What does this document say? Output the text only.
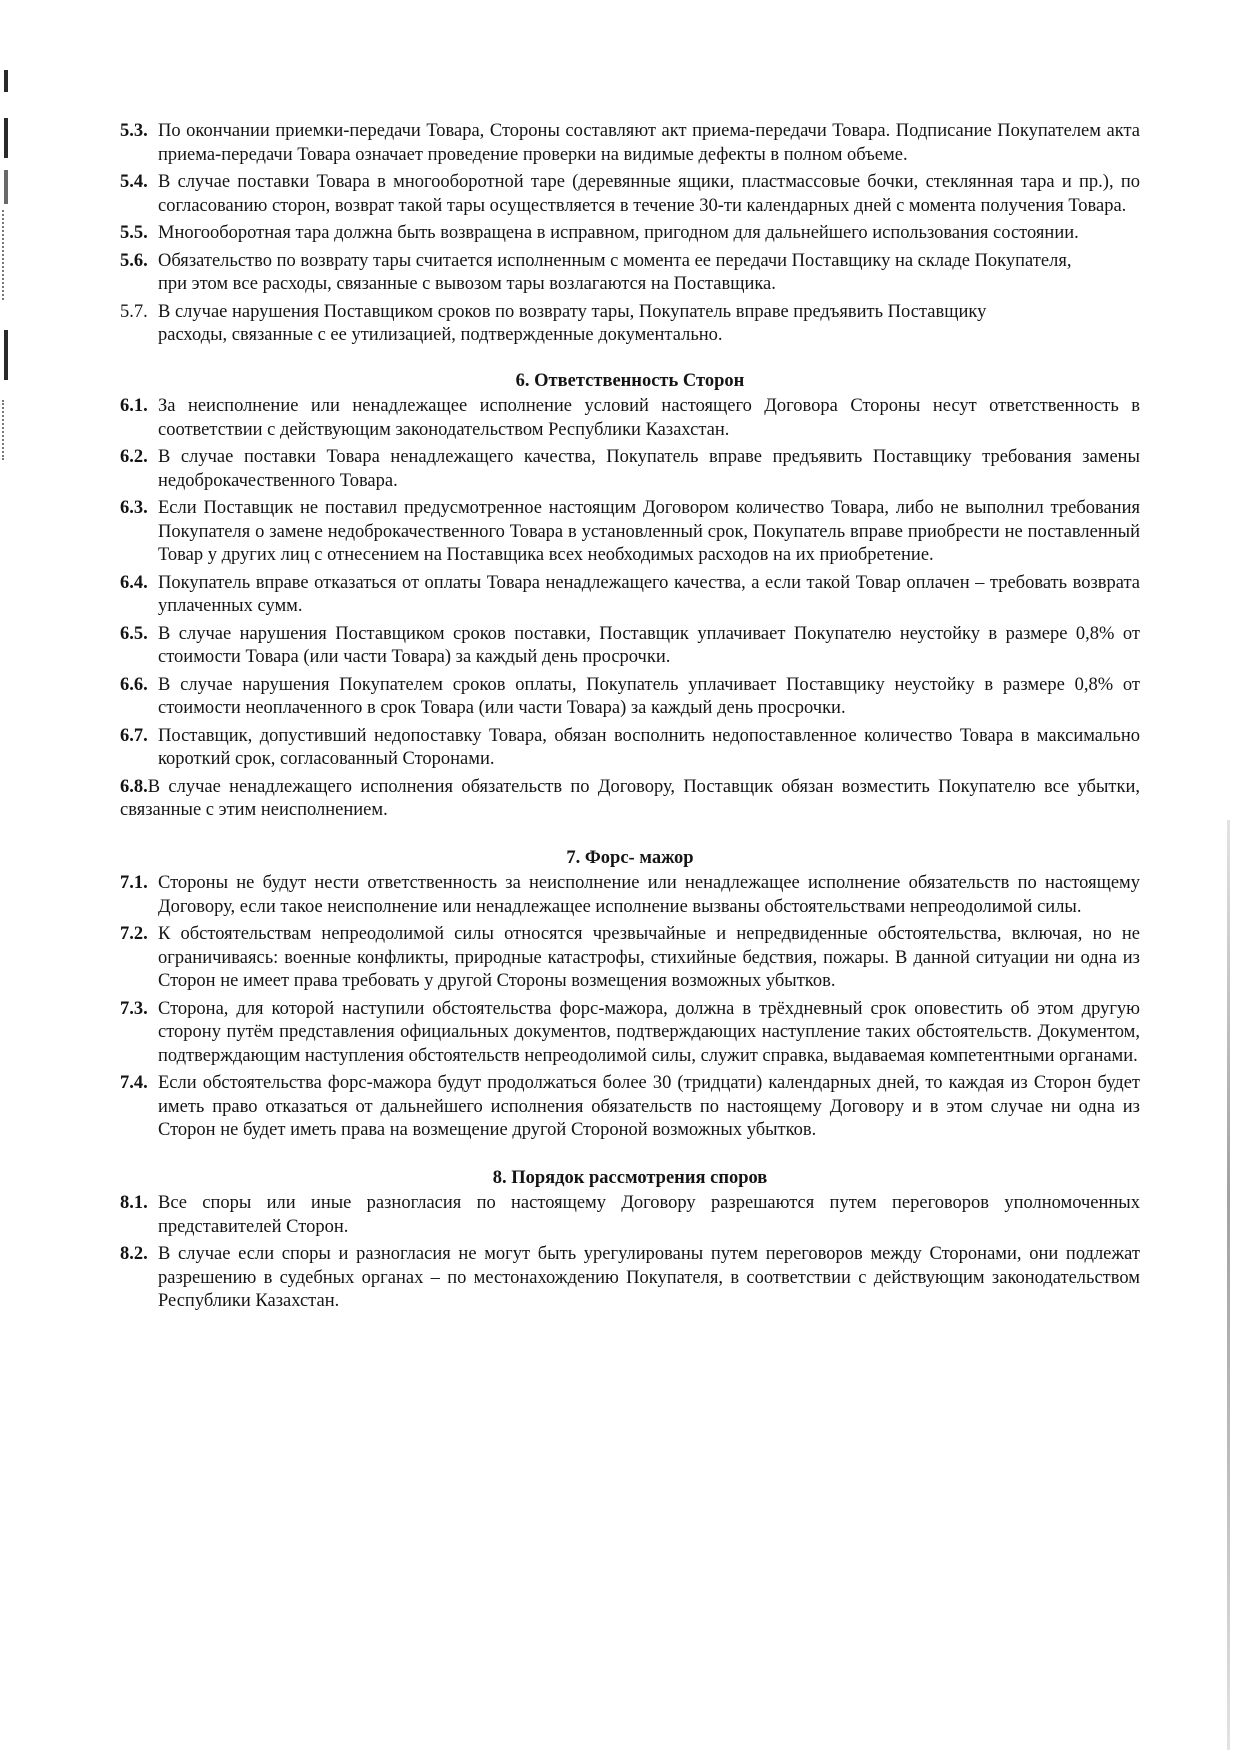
5.3. По окончании приемки-передачи Товара, Стороны составляют акт приема-передачи Товара. Подписание Покупателем акта приема-передачи Товара означает проведение проверки на видимые дефекты в полном объеме.
5.4. В случае поставки Товара в многооборотной таре (деревянные ящики, пластмассовые бочки, стеклянная тара и пр.), по согласованию сторон, возврат такой тары осуществляется в течение 30-ти календарных дней с момента получения Товара.
5.5. Многооборотная тара должна быть возвращена в исправном, пригодном для дальнейшего использования состоянии.
5.6. Обязательство по возврату тары считается исполненным с момента ее передачи Поставщику на складе Покупателя, при этом все расходы, связанные с вывозом тары возлагаются на Поставщика.
5.7. В случае нарушения Поставщиком сроков по возврату тары, Покупатель вправе предъявить Поставщику расходы, связанные с ее утилизацией, подтвержденные документально.
6. Ответственность Сторон
6.1. За неисполнение или ненадлежащее исполнение условий настоящего Договора Стороны несут ответственность в соответствии с действующим законодательством Республики Казахстан.
6.2. В случае поставки Товара ненадлежащего качества, Покупатель вправе предъявить Поставщику требования замены недоброкачественного Товара.
6.3. Если Поставщик не поставил предусмотренное настоящим Договором количество Товара, либо не выполнил требования Покупателя о замене недоброкачественного Товара в установленный срок, Покупатель вправе приобрести не поставленный Товар у других лиц с отнесением на Поставщика всех необходимых расходов на их приобретение.
6.4. Покупатель вправе отказаться от оплаты Товара ненадлежащего качества, а если такой Товар оплачен – требовать возврата уплаченных сумм.
6.5. В случае нарушения Поставщиком сроков поставки, Поставщик уплачивает Покупателю неустойку в размере 0,8% от стоимости Товара (или части Товара) за каждый день просрочки.
6.6. В случае нарушения Покупателем сроков оплаты, Покупатель уплачивает Поставщику неустойку в размере 0,8% от стоимости неоплаченного в срок Товара (или части Товара) за каждый день просрочки.
6.7. Поставщик, допустивший недопоставку Товара, обязан восполнить недопоставленное количество Товара в максимально короткий срок, согласованный Сторонами.
6.8.В случае ненадлежащего исполнения обязательств по Договору, Поставщик обязан возместить Покупателю все убытки, связанные с этим неисполнением.
7. Форс- мажор
7.1. Стороны не будут нести ответственность за неисполнение или ненадлежащее исполнение обязательств по настоящему Договору, если такое неисполнение или ненадлежащее исполнение вызваны обстоятельствами непреодолимой силы.
7.2. К обстоятельствам непреодолимой силы относятся чрезвычайные и непредвиденные обстоятельства, включая, но не ограничиваясь: военные конфликты, природные катастрофы, стихийные бедствия, пожары. В данной ситуации ни одна из Сторон не имеет права требовать у другой Стороны возмещения возможных убытков.
7.3. Сторона, для которой наступили обстоятельства форс-мажора, должна в трёхдневный срок оповестить об этом другую сторону путём представления официальных документов, подтверждающих наступление таких обстоятельств. Документом, подтверждающим наступления обстоятельств непреодолимой силы, служит справка, выдаваемая компетентными органами.
7.4. Если обстоятельства форс-мажора будут продолжаться более 30 (тридцати) календарных дней, то каждая из Сторон будет иметь право отказаться от дальнейшего исполнения обязательств по настоящему Договору и в этом случае ни одна из Сторон не будет иметь права на возмещение другой Стороной возможных убытков.
8. Порядок рассмотрения споров
8.1. Все споры или иные разногласия по настоящему Договору разрешаются путем переговоров уполномоченных представителей Сторон.
8.2. В случае если споры и разногласия не могут быть урегулированы путем переговоров между Сторонами, они подлежат разрешению в судебных органах – по местонахождению Покупателя, в соответствии с действующим законодательством Республики Казахстан.
